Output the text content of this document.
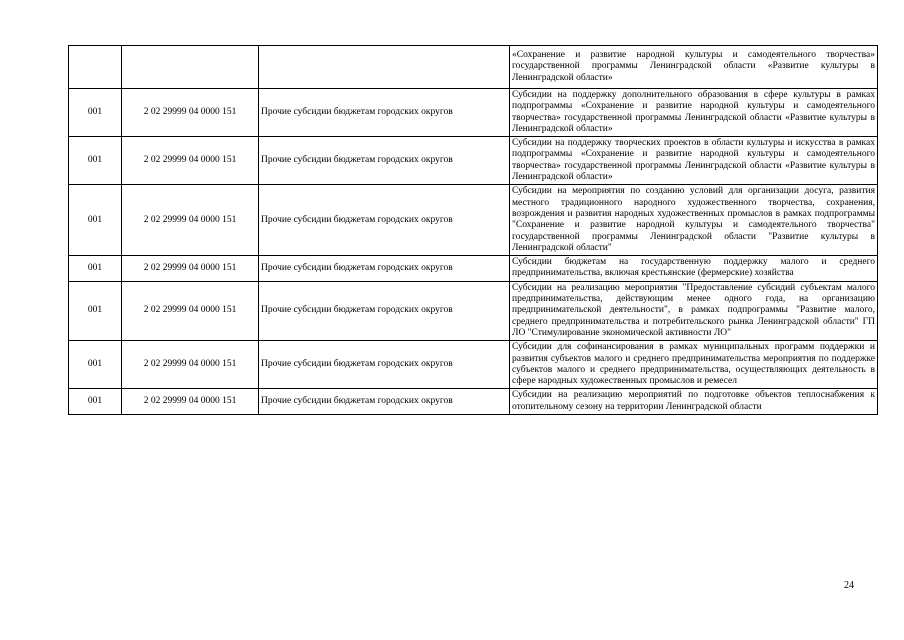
			«Сохранение и развитие народной культуры и самодеятельного творчества» государственной программы Ленинградской области «Развитие культуры в Ленинградской области»
001	2 02 29999 04 0000 151	Прочие субсидии бюджетам городских округов	Субсидии на поддержку дополнительного образования в сфере культуры в рамках подпрограммы «Сохранение и развитие народной культуры и самодеятельного творчества» государственной программы Ленинградской области «Развитие культуры в Ленинградской области»
001	2 02 29999 04 0000 151	Прочие субсидии бюджетам городских округов	Субсидии на поддержку творческих проектов в области культуры и искусства в рамках подпрограммы «Сохранение и развитие народной культуры и самодеятельного творчества» государственной программы Ленинградской области «Развитие культуры в Ленинградской области»
001	2 02 29999 04 0000 151	Прочие субсидии бюджетам городских округов	Субсидии на мероприятия по созданию условий для организации досуга, развития местного традиционного народного художественного творчества, сохранения, возрождения и развития народных художественных промыслов в рамках подпрограммы "Сохранение и развитие народной культуры и самодеятельного творчества" государственной программы Ленинградской области "Развитие культуры в Ленинградской области"
001	2 02 29999 04 0000 151	Прочие субсидии бюджетам городских округов	Субсидии бюджетам на государственную поддержку малого и среднего предпринимательства, включая крестьянские (фермерские) хозяйства
001	2 02 29999 04 0000 151	Прочие субсидии бюджетам городских округов	Субсидии на реализацию мероприятия "Предоставление субсидий субъектам малого предпринимательства, действующим менее одного года, на организацию предпринимательской деятельности", в рамках подпрограммы "Развитие малого, среднего предпринимательства и потребительского рынка Ленинградской области" ГП ЛО "Стимулирование экономической активности ЛО"
001	2 02 29999 04 0000 151	Прочие субсидии бюджетам городских округов	Субсидии для софинансирования в рамках муниципальных программ поддержки и развития субъектов малого и среднего предпринимательства мероприятия по поддержке субъектов малого и среднего предпринимательства, осуществляющих деятельность в сфере народных художественных промыслов и ремесел
001	2 02 29999 04 0000 151	Прочие субсидии бюджетам городских округов	Субсидии на реализацию мероприятий по подготовке объектов теплоснабжения к отопительному сезону на территории Ленинградской области
24
